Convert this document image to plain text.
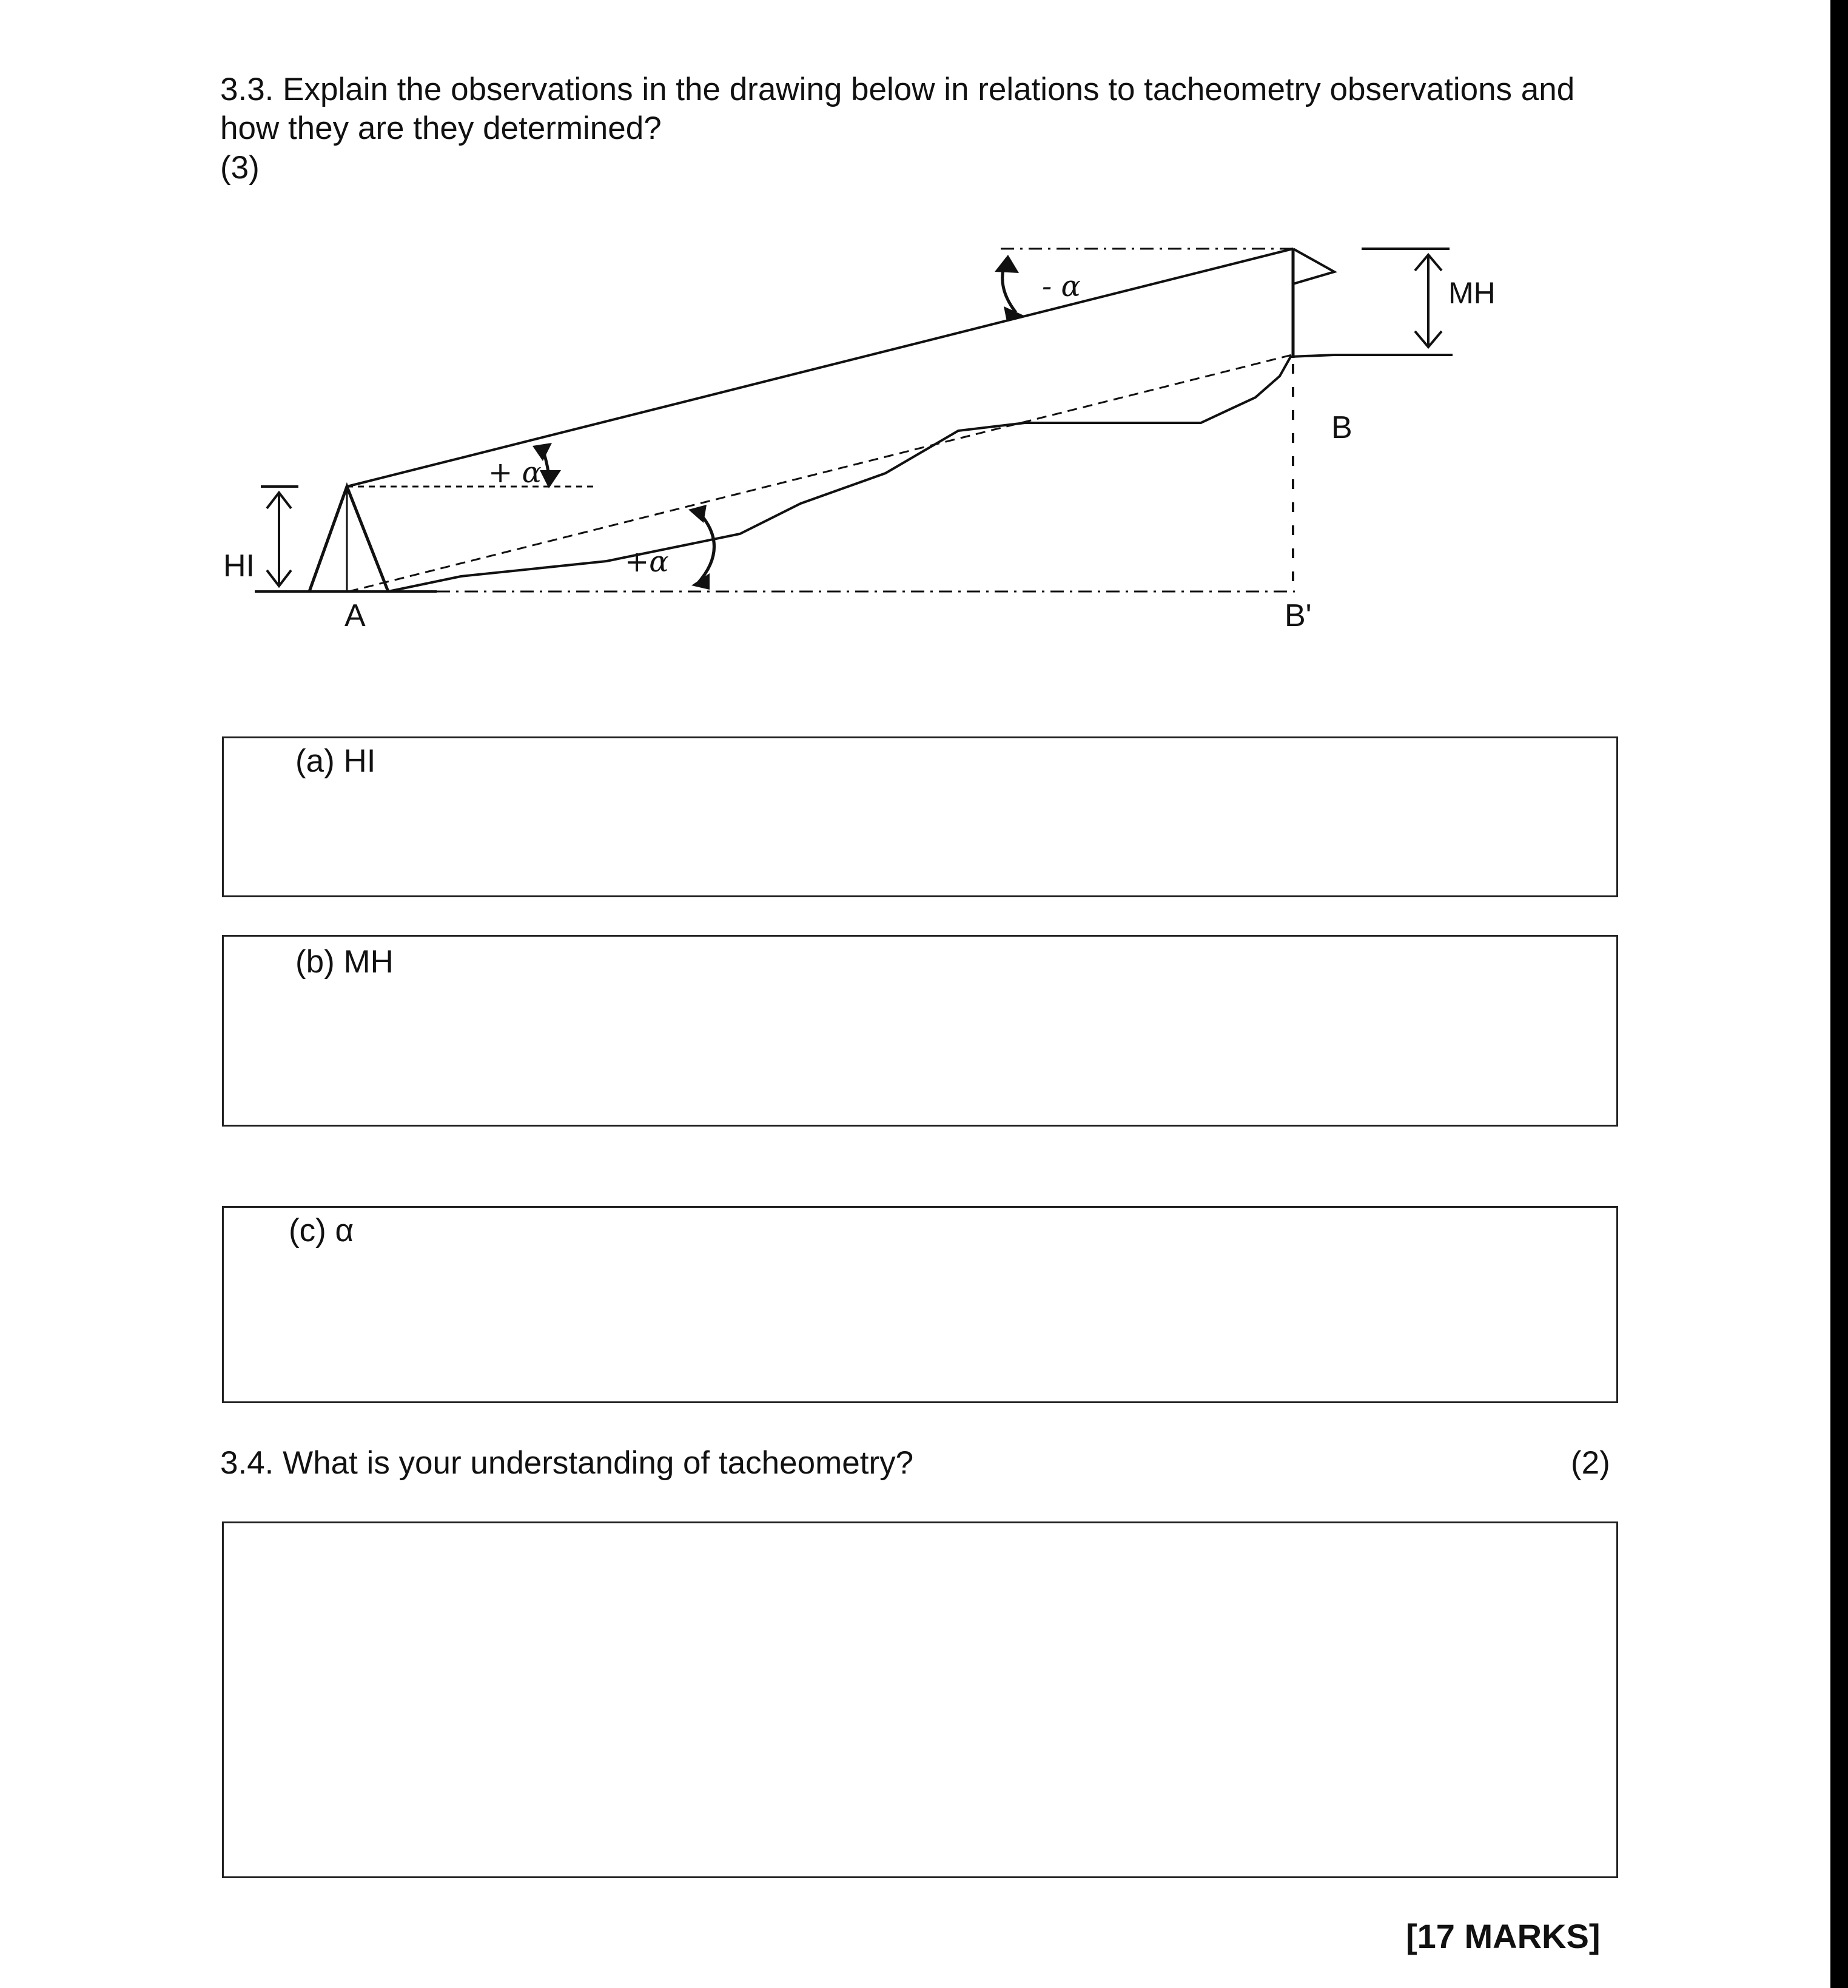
3.3. Explain the observations in the drawing below in relations to tacheometry observations and how they are they determined?

(3)

- α
+ α
+α
MH
HI
A
B
B'
(a) HI
(b) MH
(c) α

3.4. What is your understanding of tacheometry?	(2)

[17 MARKS]
